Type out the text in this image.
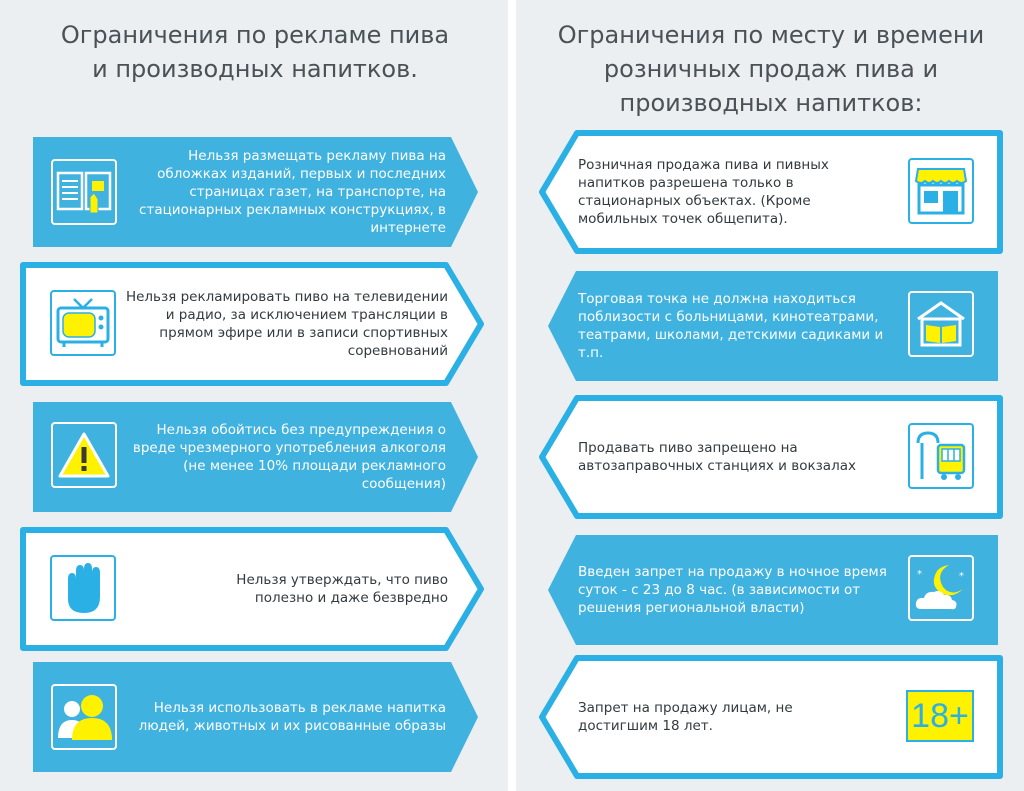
Ограничения по рекламе пива
и производных напитков.
Нельзя размещать рекламу пива на обложках изданий, первых и последних страницах газет, на транспорте, на стационарных рекламных конструкциях, в интернете
Нельзя рекламировать пиво на телевидении и радио, за исключением трансляции в прямом эфире или в записи спортивных соревнований
Нельзя обойтись без предупреждения о вреде чрезмерного употребления алкоголя (не менее 10% площади рекламного сообщения)
Нельзя утверждать, что пиво полезно и даже безвредно
Нельзя использовать в рекламе напитка людей, животных и их рисованные образы
Ограничения по месту и времени
розничных продаж пива и
производных напитков:
Розничная продажа пива и пивных напитков разрешена только в стационарных объектах. (Кроме мобильных точек общепита).
Торговая точка не должна находиться поблизости с больницами, кинотеатрами, театрами, школами, детскими садиками и т.п.
Продавать пиво запрещено на автозаправочных станциях и вокзалах
Введен запрет на продажу в ночное время суток - с 23 до 8 час. (в зависимости от решения региональной власти)
*	*
Запрет на продажу лицам, не достигшим 18 лет.	18+
